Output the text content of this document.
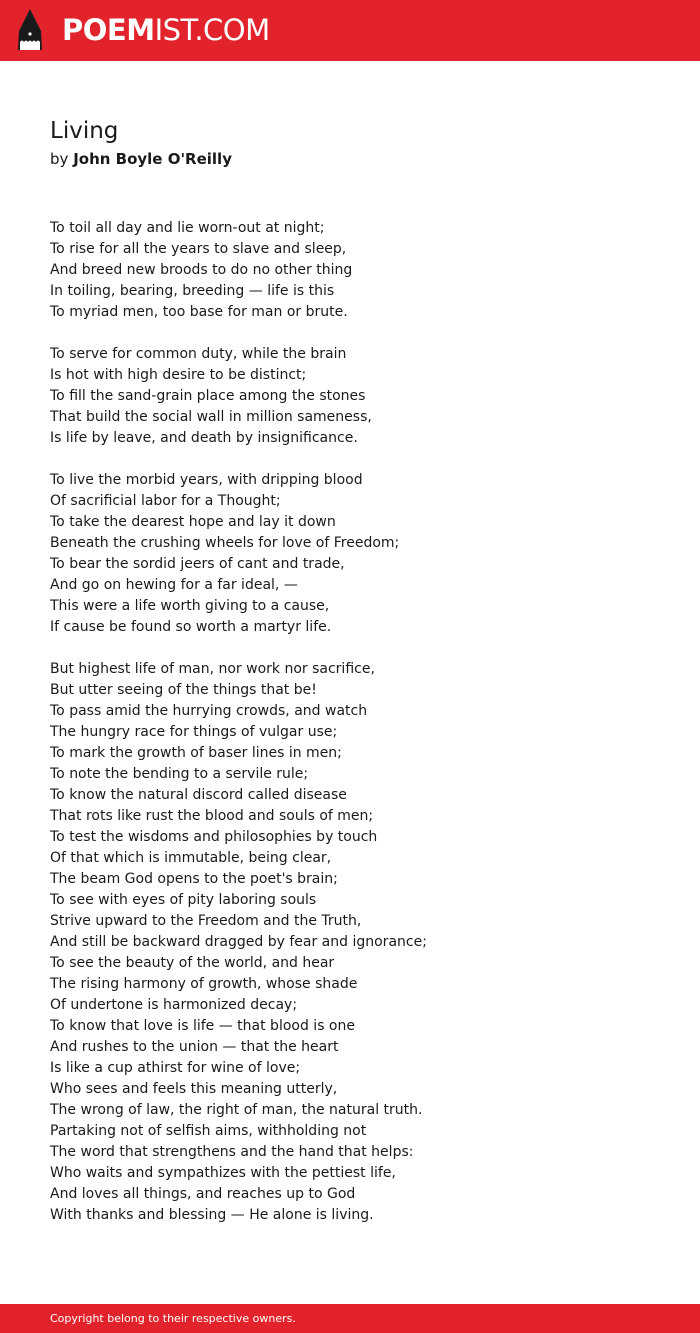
POEMIST.COM
Living
by John Boyle O'Reilly
To toil all day and lie worn-out at night;
To rise for all the years to slave and sleep,
And breed new broods to do no other thing
In toiling, bearing, breeding — life is this
To myriad men, too base for man or brute.
To serve for common duty, while the brain
Is hot with high desire to be distinct;
To fill the sand-grain place among the stones
That build the social wall in million sameness,
Is life by leave, and death by insignificance.
To live the morbid years, with dripping blood
Of sacrificial labor for a Thought;
To take the dearest hope and lay it down
Beneath the crushing wheels for love of Freedom;
To bear the sordid jeers of cant and trade,
And go on hewing for a far ideal, —
This were a life worth giving to a cause,
If cause be found so worth a martyr life.
But highest life of man, nor work nor sacrifice,
But utter seeing of the things that be!
To pass amid the hurrying crowds, and watch
The hungry race for things of vulgar use;
To mark the growth of baser lines in men;
To note the bending to a servile rule;
To know the natural discord called disease
That rots like rust the blood and souls of men;
To test the wisdoms and philosophies by touch
Of that which is immutable, being clear,
The beam God opens to the poet's brain;
To see with eyes of pity laboring souls
Strive upward to the Freedom and the Truth,
And still be backward dragged by fear and ignorance;
To see the beauty of the world, and hear
The rising harmony of growth, whose shade
Of undertone is harmonized decay;
To know that love is life — that blood is one
And rushes to the union — that the heart
Is like a cup athirst for wine of love;
Who sees and feels this meaning utterly,
The wrong of law, the right of man, the natural truth.
Partaking not of selfish aims, withholding not
The word that strengthens and the hand that helps:
Who waits and sympathizes with the pettiest life,
And loves all things, and reaches up to God
With thanks and blessing — He alone is living.
Copyright belong to their respective owners.
